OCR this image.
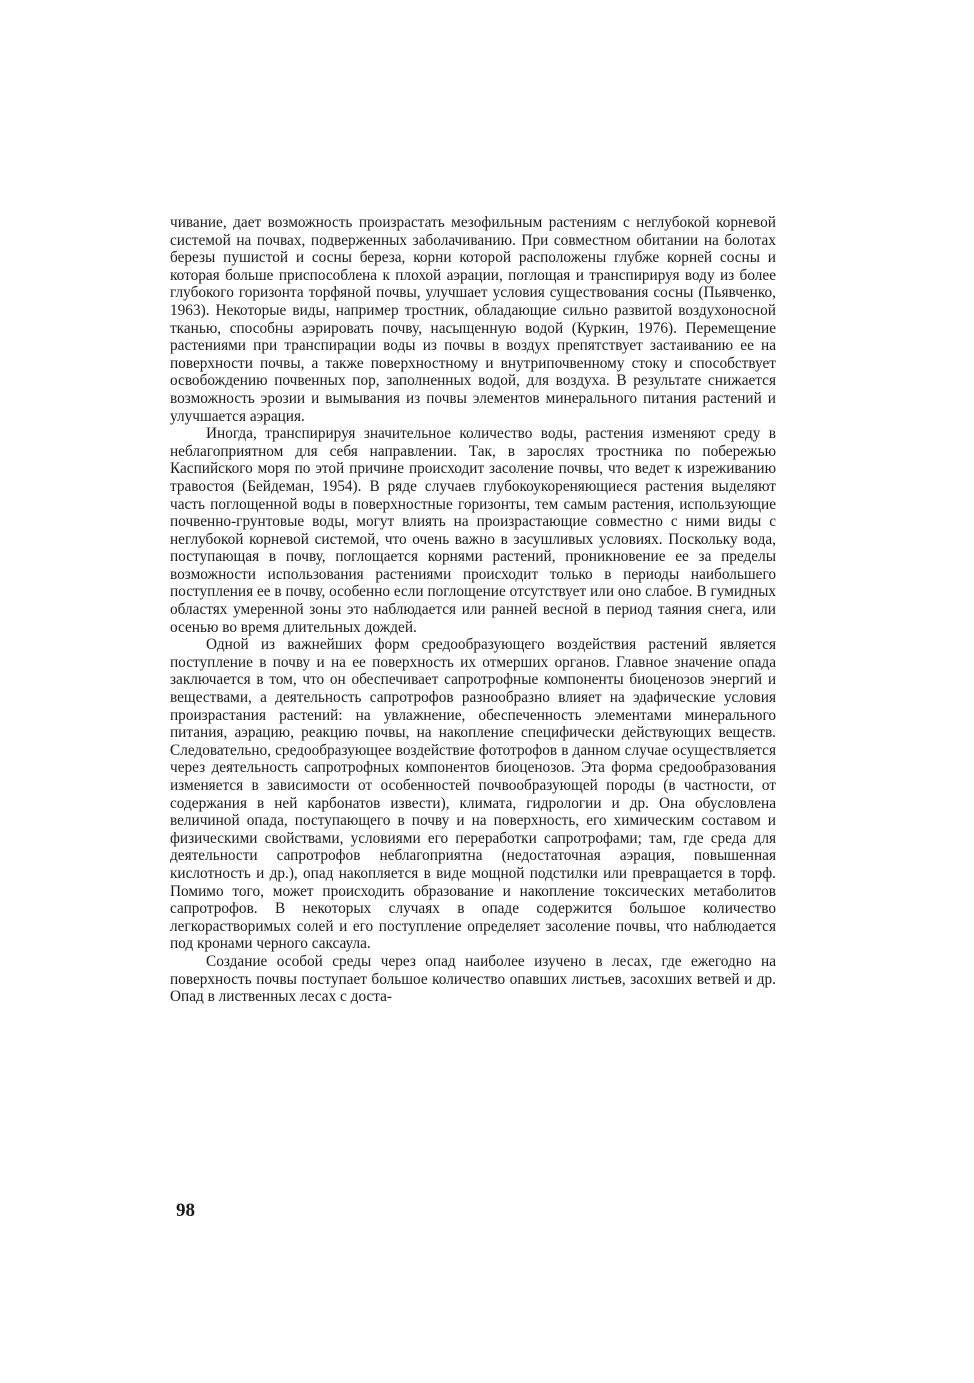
чивание, дает возможность произрастать мезофильным растениям с неглубокой корневой системой на почвах, подверженных заболачиванию. При совместном обитании на болотах березы пушистой и сосны береза, корни которой расположены глубже корней сосны и которая больше приспособлена к плохой аэрации, поглощая и транспирируя воду из более глубокого горизонта торфяной почвы, улучшает условия существования сосны (Пьявченко, 1963). Некоторые виды, например тростник, обладающие сильно развитой воздухоносной тканью, способны аэрировать почву, насыщенную водой (Куркин, 1976). Перемещение растениями при транспирации воды из почвы в воздух препятствует застаиванию ее на поверхности почвы, а также поверхностному и внутрипочвенному стоку и способствует освобождению почвенных пор, заполненных водой, для воздуха. В результате снижается возможность эрозии и вымывания из почвы элементов минерального питания растений и улучшается аэрация.

Иногда, транспирируя значительное количество воды, растения изменяют среду в неблагоприятном для себя направлении. Так, в зарослях тростника по побережью Каспийского моря по этой причине происходит засоление почвы, что ведет к изреживанию травостоя (Бейдеман, 1954). В ряде случаев глубокоукореняющиеся растения выделяют часть поглощенной воды в поверхностные горизонты, тем самым растения, использующие почвенно-грунтовые воды, могут влиять на произрастающие совместно с ними виды с неглубокой корневой системой, что очень важно в засушливых условиях. Поскольку вода, поступающая в почву, поглощается корнями растений, проникновение ее за пределы возможности использования растениями происходит только в периоды наибольшего поступления ее в почву, особенно если поглощение отсутствует или оно слабое. В гумидных областях умеренной зоны это наблюдается или ранней весной в период таяния снега, или осенью во время длительных дождей.

Одной из важнейших форм средообразующего воздействия растений является поступление в почву и на ее поверхность их отмерших органов. Главное значение опада заключается в том, что он обеспечивает сапротрофные компоненты биоценозов энергий и веществами, а деятельность сапротрофов разнообразно влияет на эдафические условия произрастания растений: на увлажнение, обеспеченность элементами минерального питания, аэрацию, реакцию почвы, на накопление специфически действующих веществ. Следовательно, средообразующее воздействие фототрофов в данном случае осуществляется через деятельность сапротрофных компонентов биоценозов. Эта форма средообразования изменяется в зависимости от особенностей почвообразующей породы (в частности, от содержания в ней карбонатов извести), климата, гидрологии и др. Она обусловлена величиной опада, поступающего в почву и на поверхность, его химическим составом и физическими свойствами, условиями его переработки сапротрофами; там, где среда для деятельности сапротрофов неблагоприятна (недостаточная аэрация, повышенная кислотность и др.), опад накопляется в виде мощной подстилки или превращается в торф. Помимо того, может происходить образование и накопление токсических метаболитов сапротрофов. В некоторых случаях в опаде содержится большое количество легкорастворимых солей и его поступление определяет засоление почвы, что наблюдается под кронами черного саксаула.

Создание особой среды через опад наиболее изучено в лесах, где ежегодно на поверхность почвы поступает большое количество опавших листьев, засохших ветвей и др. Опад в лиственных лесах с доста-

98
